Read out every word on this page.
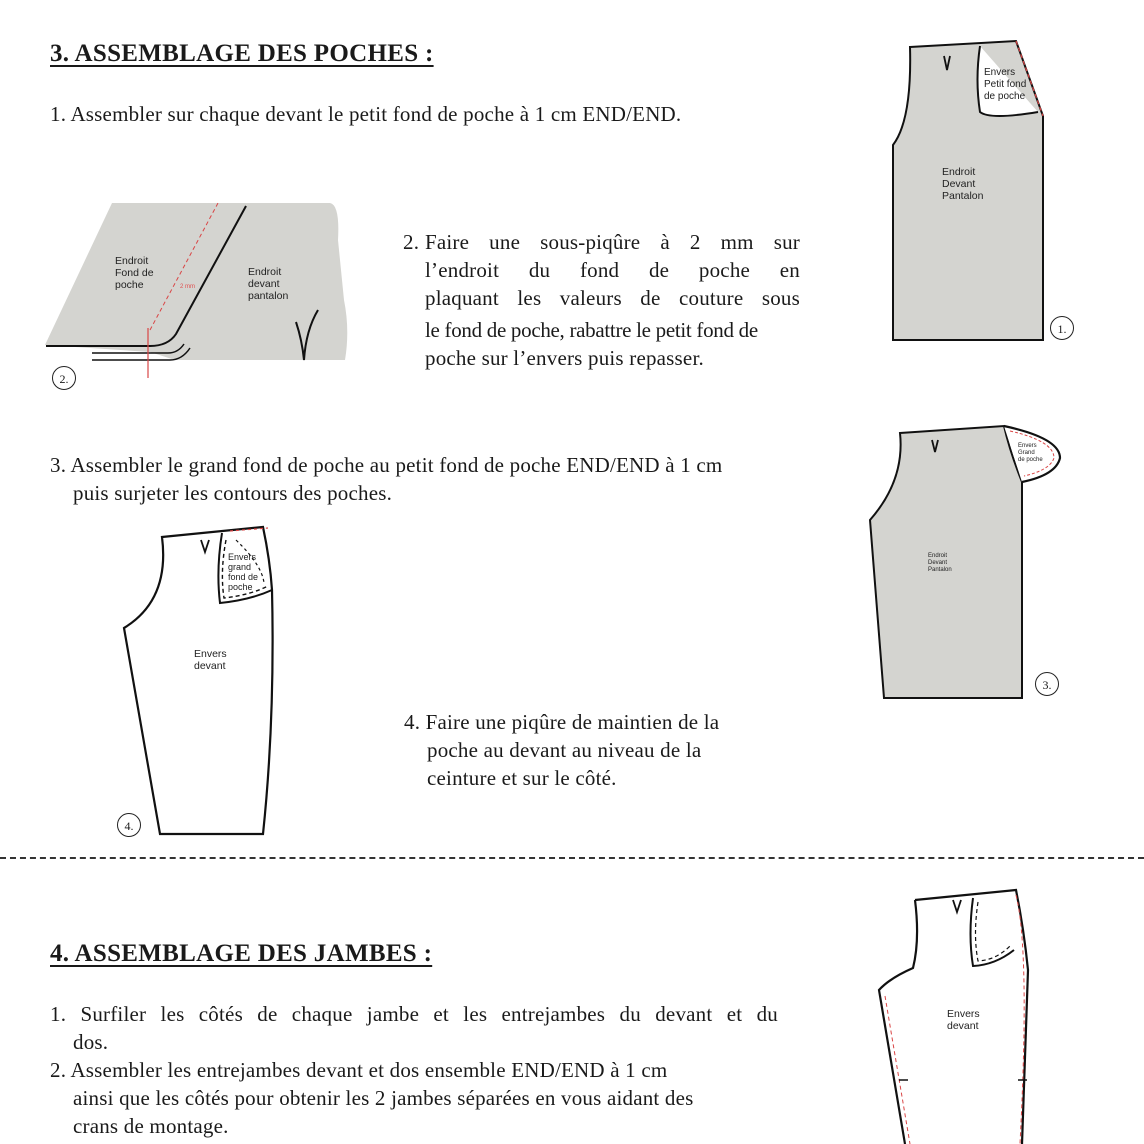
3. ASSEMBLAGE DES POCHES :
1. Assembler sur chaque devant le petit fond de poche à 1 cm END/END.
2. Faire une sous-piqûre à 2 mm sur
l’endroit du fond de poche en
plaquant les valeurs de couture sous
le fond de poche, rabattre le petit fond de
poche sur l’envers puis repasser.
3. Assembler le grand fond de poche au petit fond de poche END/END à 1 cm
puis surjeter les contours des poches.
4. Faire une piqûre de maintien de la
poche au devant au niveau de la
ceinture et sur le côté.
Envers
Petit fond
de poche
Endroit
Devant
Pantalon
1.
Endroit
Fond de
poche
Endroit
devant
pantalon
2 mm
2.
Envers
Grand
de poche
Endroit
Devant
Pantalon
3.
Envers
grand
fond de
poche
Envers
devant
4.
4. ASSEMBLAGE DES JAMBES :
1. Surfiler les côtés de chaque jambe et les entrejambes du devant et du
dos.
2. Assembler les entrejambes devant et dos ensemble END/END à 1 cm
ainsi que les côtés pour obtenir les 2 jambes séparées en vous aidant des
crans de montage.
Envers
devant
